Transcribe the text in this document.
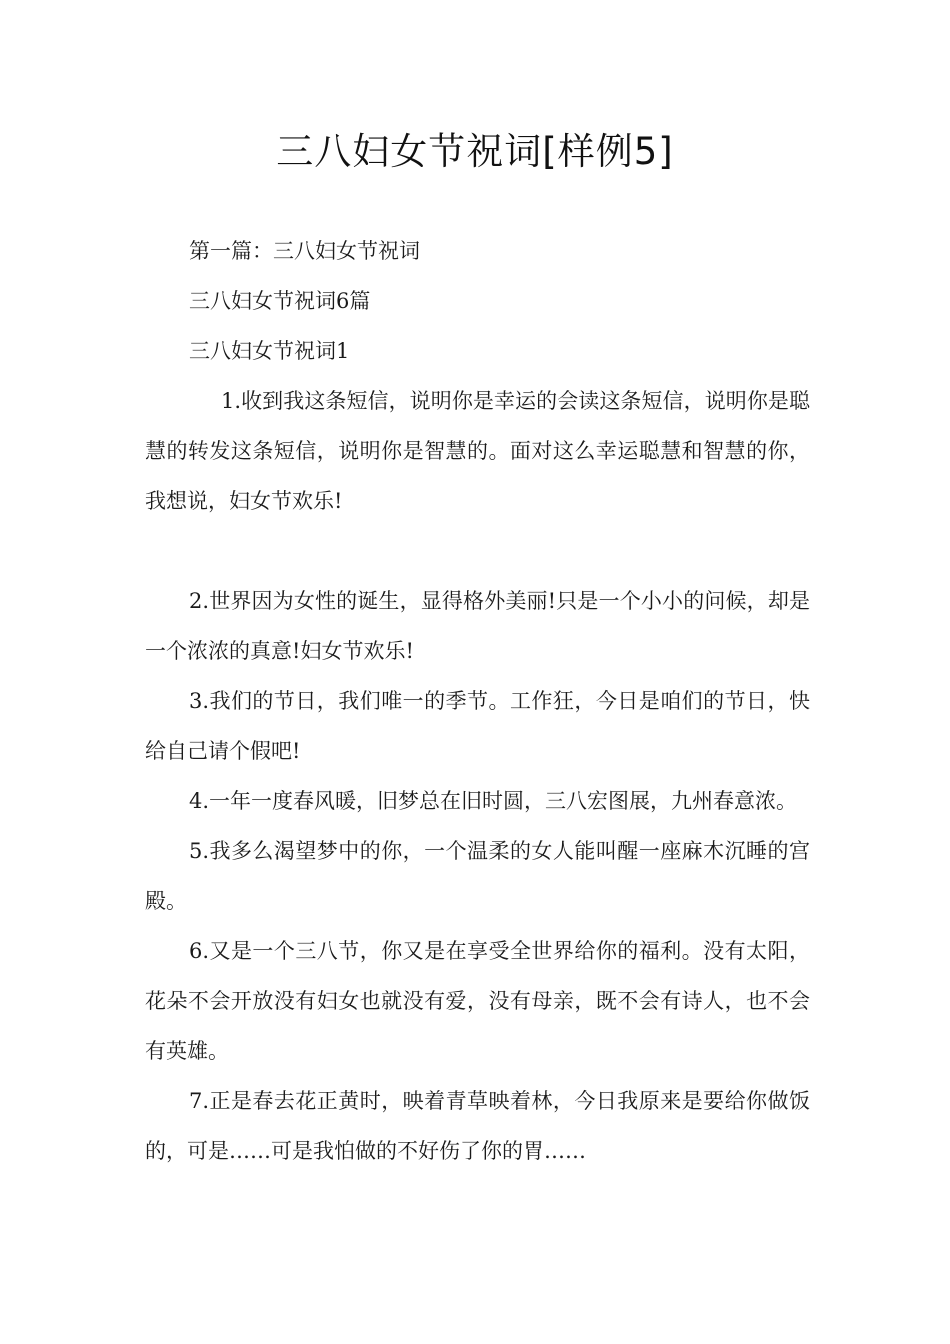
三八妇女节祝词[样例5]

第一篇：三八妇女节祝词

三八妇女节祝词6篇

三八妇女节祝词1

1.收到我这条短信，说明你是幸运的会读这条短信，说明你是聪慧的转发这条短信，说明你是智慧的。面对这么幸运聪慧和智慧的你，我想说，妇女节欢乐!

2.世界因为女性的诞生，显得格外美丽!只是一个小小的问候，却是一个浓浓的真意!妇女节欢乐!

3.我们的节日，我们唯一的季节。工作狂，今日是咱们的节日，快给自己请个假吧!

4.一年一度春风暖，旧梦总在旧时圆，三八宏图展，九州春意浓。

5.我多么渴望梦中的你，一个温柔的女人能叫醒一座麻木沉睡的宫殿。

6.又是一个三八节，你又是在享受全世界给你的福利。没有太阳，花朵不会开放没有妇女也就没有爱，没有母亲，既不会有诗人，也不会有英雄。

7.正是春去花正黄时，映着青草映着林，今日我原来是要给你做饭的，可是……可是我怕做的不好伤了你的胃……
